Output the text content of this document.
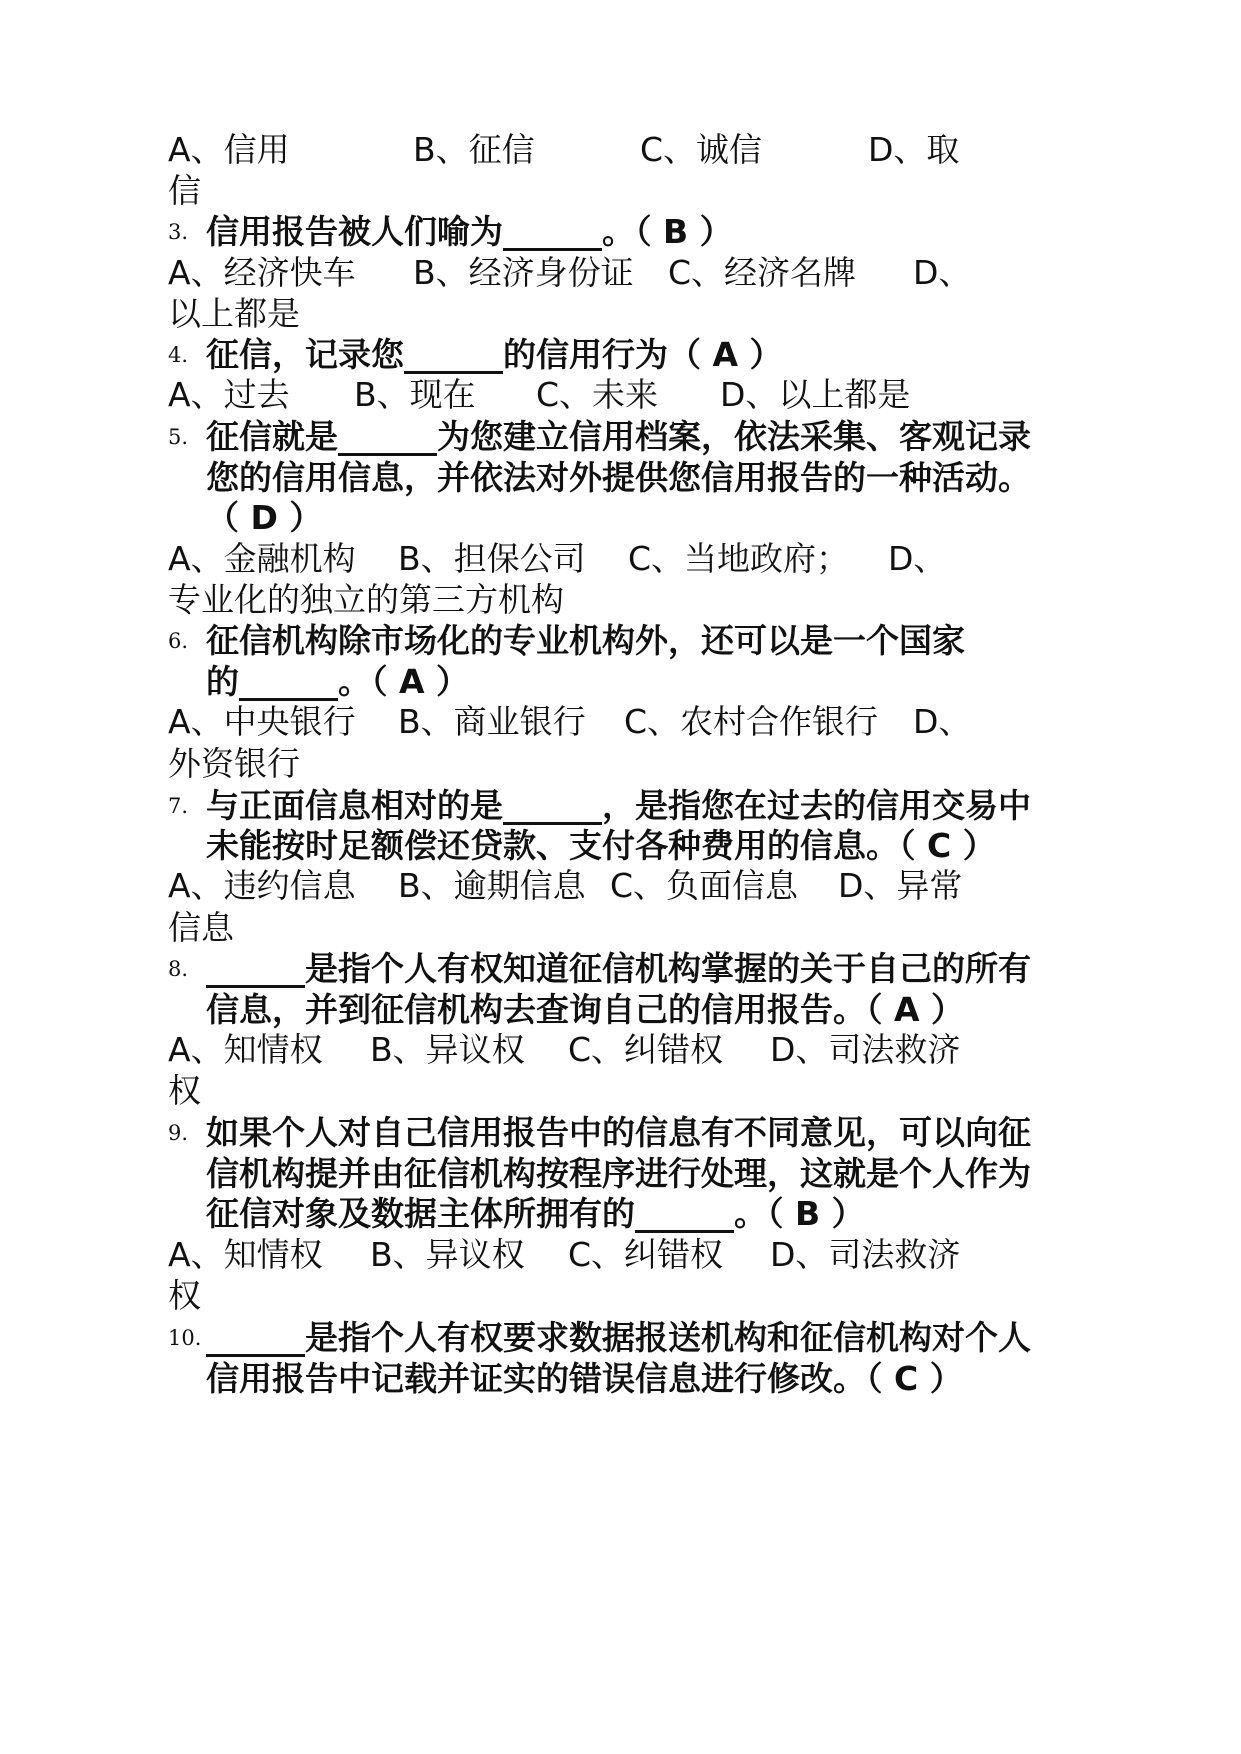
A、信用	B、征信	C、诚信	D、取
信
3. 信用报告被人们喻为______。（ B ）
A、经济快车 B、经济身份证 C、经济名牌 D、
以上都是
4. 征信，记录您______的信用行为（ A ）
A、过去 B、现在 C、未来 D、以上都是
5. 征信就是______为您建立信用档案，依法采集、客观记录
您的信用信息，并依法对外提供您信用报告的一种活动。
（ D ）
A、金融机构 B、担保公司 C、当地政府； D、
专业化的独立的第三方机构
6. 征信机构除市场化的专业机构外，还可以是一个国家
的______。（ A ）
A、中央银行 B、商业银行 C、农村合作银行 D、
外资银行
7. 与正面信息相对的是______，是指您在过去的信用交易中
未能按时足额偿还贷款、支付各种费用的信息。（ C ）
A、违约信息 B、逾期信息 C、负面信息 D、异常
信息
8. ______是指个人有权知道征信机构掌握的关于自己的所有
信息，并到征信机构去查询自己的信用报告。（ A ）
A、知情权 B、异议权 C、纠错权 D、司法救济
权
9. 如果个人对自己信用报告中的信息有不同意见，可以向征
信机构提并由征信机构按程序进行处理，这就是个人作为
征信对象及数据主体所拥有的______。（ B ）
A、知情权 B、异议权 C、纠错权 D、司法救济
权
10. ______是指个人有权要求数据报送机构和征信机构对个人
信用报告中记载并证实的错误信息进行修改。（ C ）
